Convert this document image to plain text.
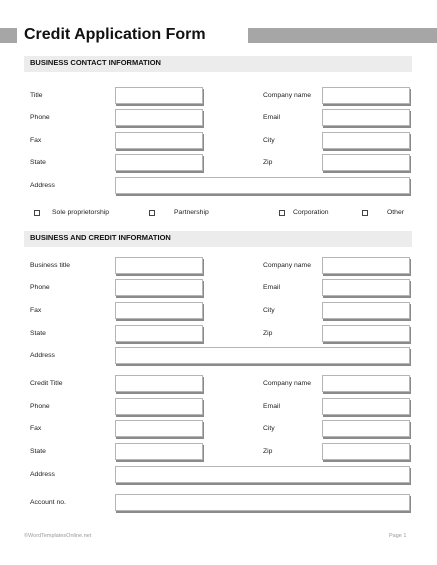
Credit Application Form
BUSINESS CONTACT INFORMATION
Title	Company name
Phone	Email
Fax	City
State	Zip
Address
Sole proprietorship	Partnership	Corporation	Other
BUSINESS AND CREDIT INFORMATION
Business title	Company name
Phone	Email
Fax	City
State	Zip
Address
Credit Title	Company name
Phone	Email
Fax	City
State	Zip
Address
Account no.
©WordTemplatesOnline.net	Page 1
